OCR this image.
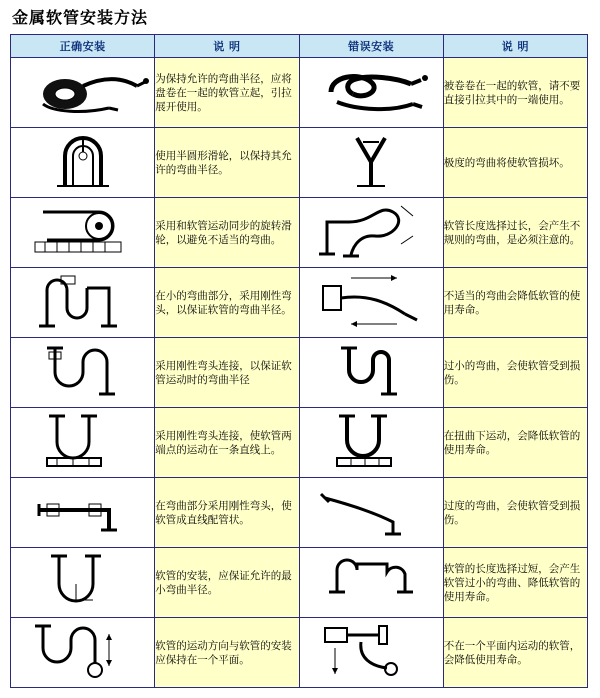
金属软管安装方法
正确安装	说 明	错误安装	说 明

	为保持允许的弯曲半径，应将盘卷在一起的软管立起，引拉展开使用。		被卷卷在一起的软管，请不要直接引拉其中的一端使用。

	使用半圆形滑轮，以保持其允许的弯曲半径。		极度的弯曲将使软管损坏。

	采用和软管运动同步的旋转滑轮，以避免不适当的弯曲。		软管长度选择过长，会产生不规则的弯曲，是必须注意的。

	在小的弯曲部分，采用刚性弯头，以保证软管的弯曲半径。		不适当的弯曲会降低软管的使用寿命。

	采用刚性弯头连接，以保证软管运动时的弯曲半径		过小的弯曲，会使软管受到损伤。

	采用刚性弯头连接，使软管两端点的运动在一条直线上。		在扭曲下运动，会降低软管的使用寿命。

	在弯曲部分采用刚性弯头，使软管成直线配管状。		过度的弯曲，会使软管受到损伤。

	软管的安装，应保证允许的最小弯曲半径。		软管的长度选择过短，会产生软管过小的弯曲、降低软管的使用寿命。

	软管的运动方向与软管的安装应保持在一个平面。		不在一个平面内运动的软管，会降低使用寿命。
